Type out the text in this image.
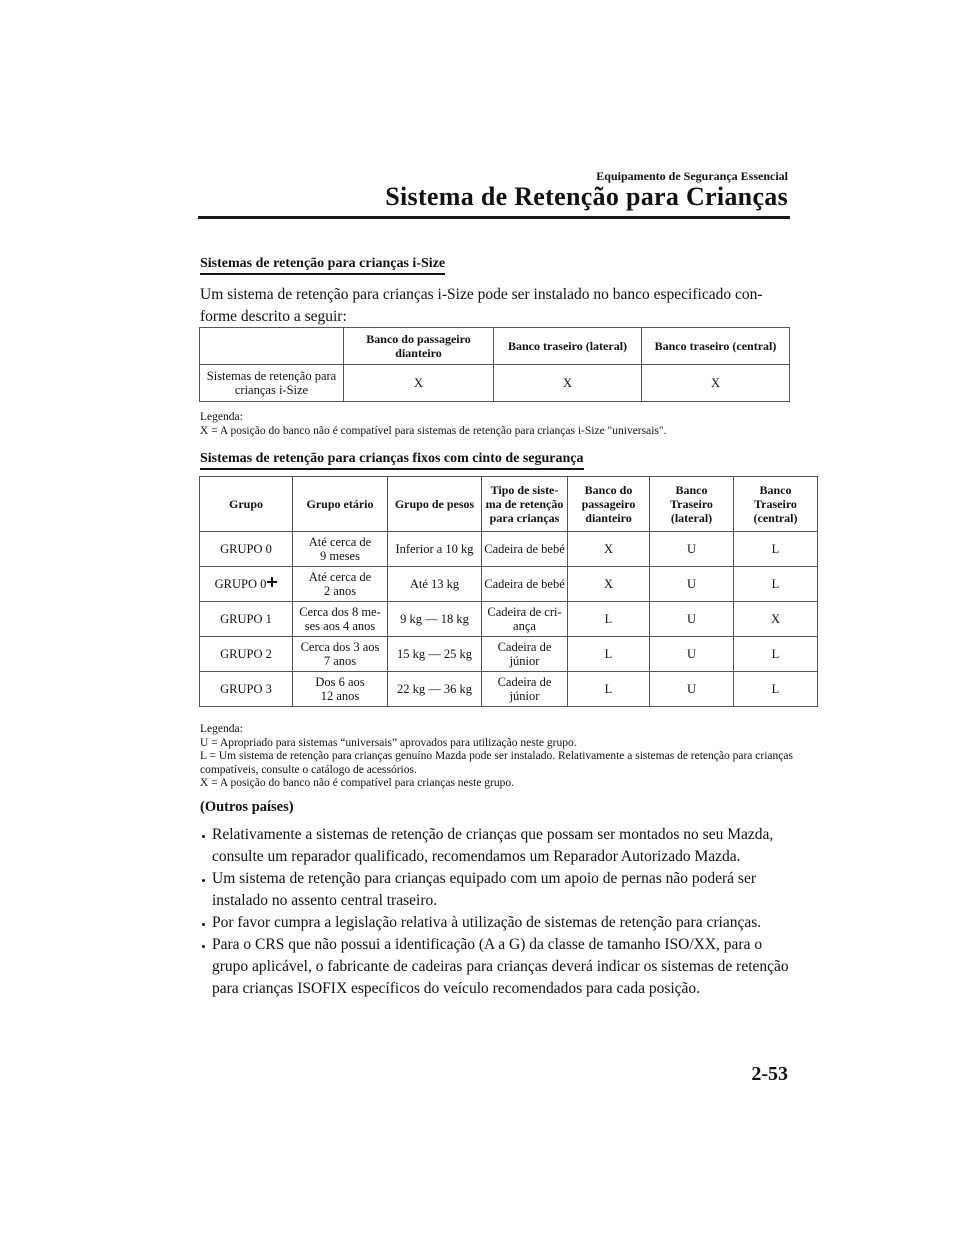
Equipamento de Segurança Essencial
Sistema de Retenção para Crianças
Sistemas de retenção para crianças i-Size
Um sistema de retenção para crianças i-Size pode ser instalado no banco especificado con-forme descrito a seguir:
	Banco do passageiro
dianteiro	Banco traseiro (lateral)	Banco traseiro (central)
Sistemas de retenção para
crianças i-Size	X	X	X
Legenda:
X = A posição do banco não é compatível para sistemas de retenção para crianças i-Size "universais".
Sistemas de retenção para crianças fixos com cinto de segurança
Grupo	Grupo etário	Grupo de pesos	Tipo de siste-
ma de retenção
para crianças	Banco do
passageiro
dianteiro	Banco
Traseiro
(lateral)	Banco
Traseiro
(central)
GRUPO 0	Até cerca de
9 meses	Inferior a 10 kg	Cadeira de bebé	X	U	L
GRUPO 0	Até cerca de
2 anos	Até 13 kg	Cadeira de bebé	X	U	L
GRUPO 1	Cerca dos 8 me-
ses aos 4 anos	9 kg ― 18 kg	Cadeira de cri-
ança	L	U	X
GRUPO 2	Cerca dos 3 aos
7 anos	15 kg ― 25 kg	Cadeira de
júnior	L	U	L
GRUPO 3	Dos 6 aos
12 anos	22 kg — 36 kg	Cadeira de
júnior	L	U	L
Legenda:
U = Apropriado para sistemas “universais” aprovados para utilização neste grupo.
L = Um sistema de retenção para crianças genuíno Mazda pode ser instalado. Relativamente a sistemas de retenção para crianças compatíveis, consulte o catálogo de acessórios.
X = A posição do banco não é compatível para crianças neste grupo.
(Outros países)
Relativamente a sistemas de retenção de crianças que possam ser montados no seu Mazda, consulte um reparador qualificado, recomendamos um Reparador Autorizado Mazda.
Um sistema de retenção para crianças equipado com um apoio de pernas não poderá ser instalado no assento central traseiro.
Por favor cumpra a legislação relativa à utilização de sistemas de retenção para crianças.
Para o CRS que não possui a identificação (A a G) da classe de tamanho ISO/XX, para o grupo aplicável, o fabricante de cadeiras para crianças deverá indicar os sistemas de retenção para crianças ISOFIX específicos do veículo recomendados para cada posição.
2-53
